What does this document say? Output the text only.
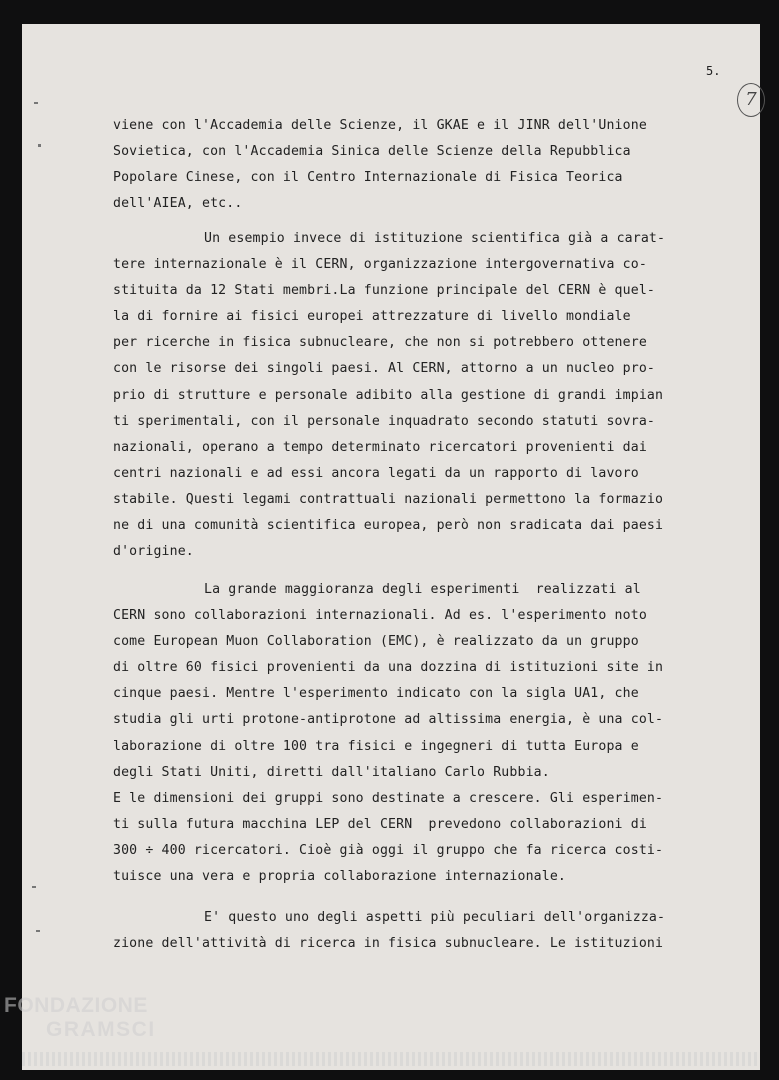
5.
7
viene con l'Accademia delle Scienze, il GKAE e il JINR dell'Unione
Sovietica, con l'Accademia Sinica delle Scienze della Repubblica
Popolare Cinese, con il Centro Internazionale di Fisica Teorica
dell'AIEA, etc..
Un esempio invece di istituzione scientifica già a carat-
tere internazionale è il CERN, organizzazione intergovernativa co-
stituita da 12 Stati membri.La funzione principale del CERN è quel-
la di fornire ai fisici europei attrezzature di livello mondiale
per ricerche in fisica subnucleare, che non si potrebbero ottenere
con le risorse dei singoli paesi. Al CERN, attorno a un nucleo pro-
prio di strutture e personale adibito alla gestione di grandi impian
ti sperimentali, con il personale inquadrato secondo statuti sovra-
nazionali, operano a tempo determinato ricercatori provenienti dai
centri nazionali e ad essi ancora legati da un rapporto di lavoro
stabile. Questi legami contrattuali nazionali permettono la formazio
ne di una comunità scientifica europea, però non sradicata dai paesi
d'origine.
La grande maggioranza degli esperimenti  realizzati al
CERN sono collaborazioni internazionali. Ad es. l'esperimento noto
come European Muon Collaboration (EMC), è realizzato da un gruppo
di oltre 60 fisici provenienti da una dozzina di istituzioni site in
cinque paesi. Mentre l'esperimento indicato con la sigla UA1, che
studia gli urti protone-antiprotone ad altissima energia, è una col-
laborazione di oltre 100 tra fisici e ingegneri di tutta Europa e
degli Stati Uniti, diretti dall'italiano Carlo Rubbia.
E le dimensioni dei gruppi sono destinate a crescere. Gli esperimen-
ti sulla futura macchina LEP del CERN  prevedono collaborazioni di
300 ÷ 400 ricercatori. Cioè già oggi il gruppo che fa ricerca costi-
tuisce una vera e propria collaborazione internazionale.
E' questo uno degli aspetti più peculiari dell'organizza-
zione dell'attività di ricerca in fisica subnucleare. Le istituzioni
FONDAZIONE
GRAMSCI
